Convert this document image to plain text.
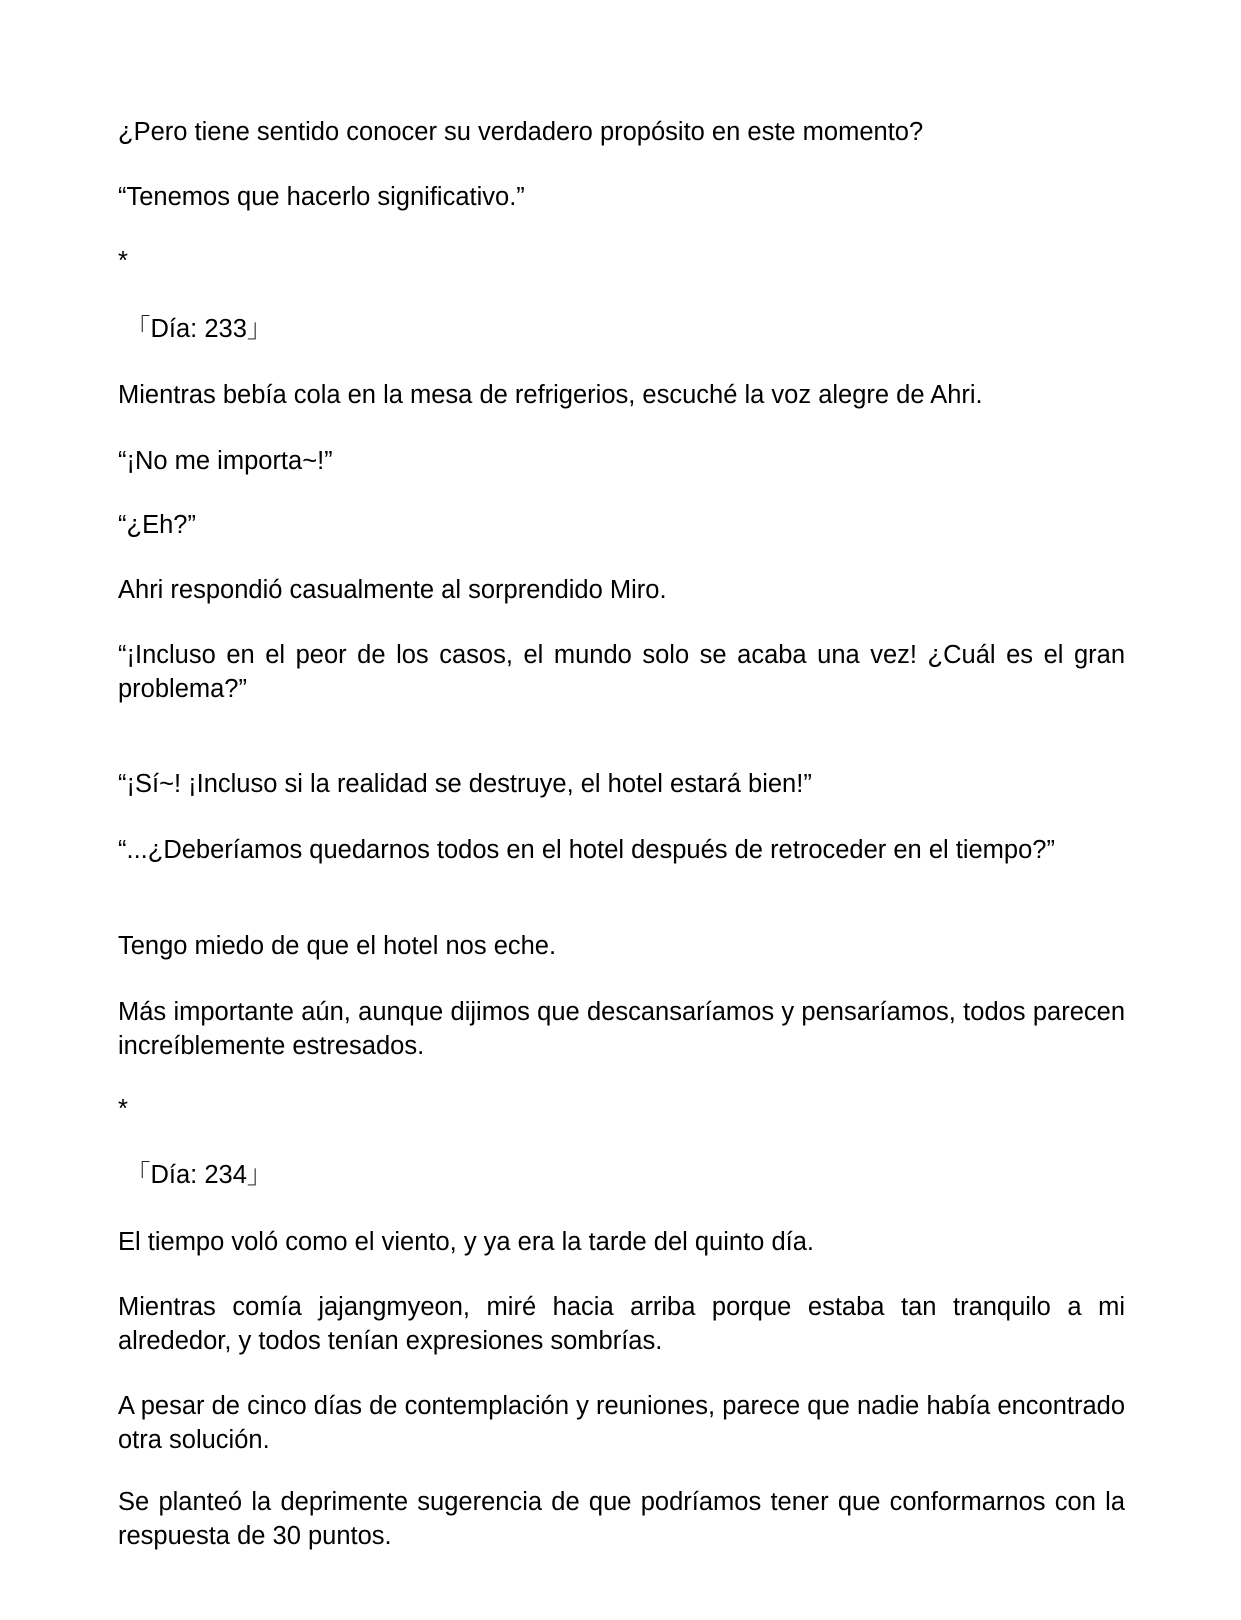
¿Pero tiene sentido conocer su verdadero propósito en este momento?

“Tenemos que hacerlo significativo.”

*

「Día: 233」

Mientras bebía cola en la mesa de refrigerios, escuché la voz alegre de Ahri.

“¡No me importa~!”

“¿Eh?”

Ahri respondió casualmente al sorprendido Miro.

“¡Incluso en el peor de los casos, el mundo solo se acaba una vez! ¿Cuál es el gran problema?”

“¡Sí~! ¡Incluso si la realidad se destruye, el hotel estará bien!”

“...¿Deberíamos quedarnos todos en el hotel después de retroceder en el tiempo?”

Tengo miedo de que el hotel nos eche.

Más importante aún, aunque dijimos que descansaríamos y pensaríamos, todos parecen increíblemente estresados.

*

「Día: 234」

El tiempo voló como el viento, y ya era la tarde del quinto día.

Mientras comía jajangmyeon, miré hacia arriba porque estaba tan tranquilo a mi alrededor, y todos tenían expresiones sombrías.

A pesar de cinco días de contemplación y reuniones, parece que nadie había encontrado otra solución.

Se planteó la deprimente sugerencia de que podríamos tener que conformarnos con la respuesta de 30 puntos.
